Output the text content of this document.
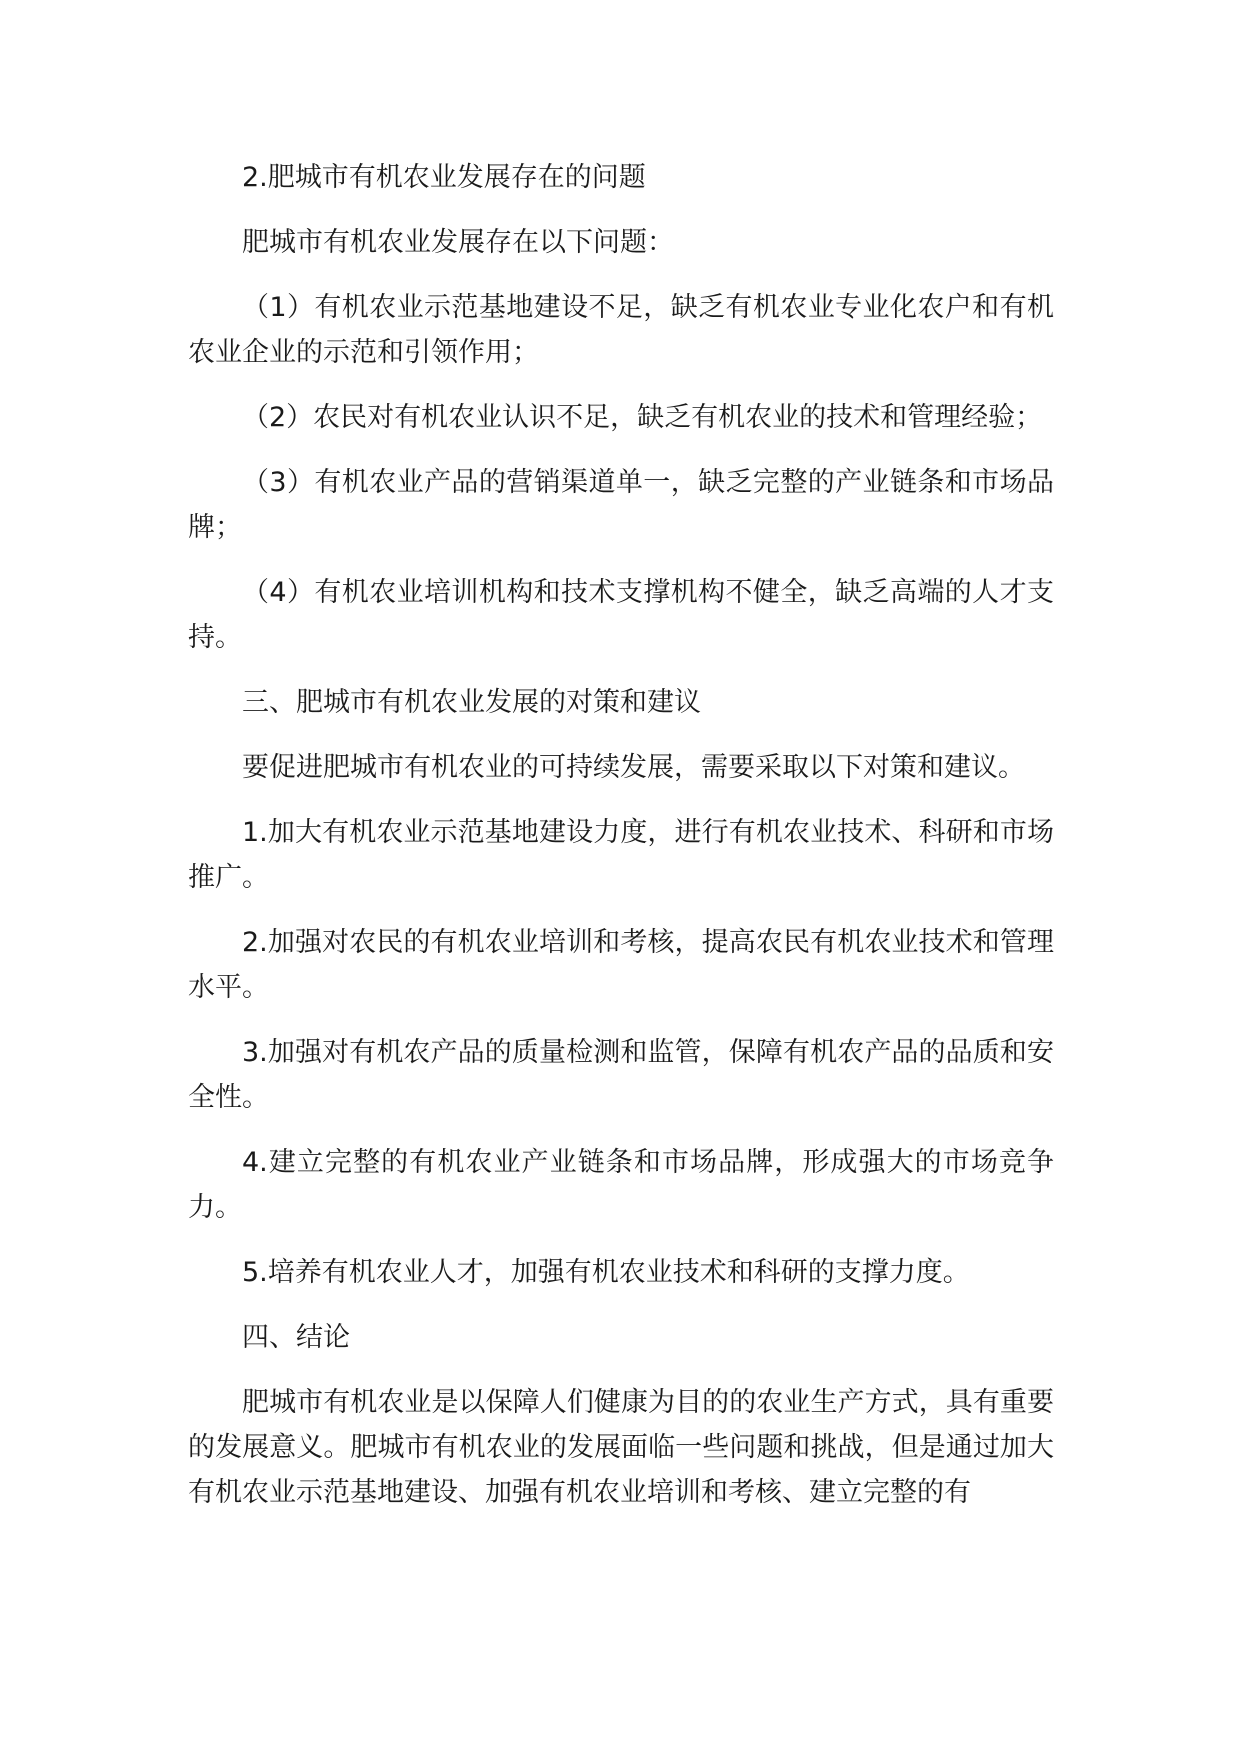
2.肥城市有机农业发展存在的问题

肥城市有机农业发展存在以下问题：

（1）有机农业示范基地建设不足，缺乏有机农业专业化农户和有机农业企业的示范和引领作用；

（2）农民对有机农业认识不足，缺乏有机农业的技术和管理经验；

（3）有机农业产品的营销渠道单一，缺乏完整的产业链条和市场品牌；

（4）有机农业培训机构和技术支撑机构不健全，缺乏高端的人才支持。

三、肥城市有机农业发展的对策和建议

要促进肥城市有机农业的可持续发展，需要采取以下对策和建议。

1.加大有机农业示范基地建设力度，进行有机农业技术、科研和市场推广。

2.加强对农民的有机农业培训和考核，提高农民有机农业技术和管理水平。

3.加强对有机农产品的质量检测和监管，保障有机农产品的品质和安全性。

4.建立完整的有机农业产业链条和市场品牌，形成强大的市场竞争力。

5.培养有机农业人才，加强有机农业技术和科研的支撑力度。

四、结论

肥城市有机农业是以保障人们健康为目的的农业生产方式，具有重要的发展意义。肥城市有机农业的发展面临一些问题和挑战，但是通过加大有机农业示范基地建设、加强有机农业培训和考核、建立完整的有
